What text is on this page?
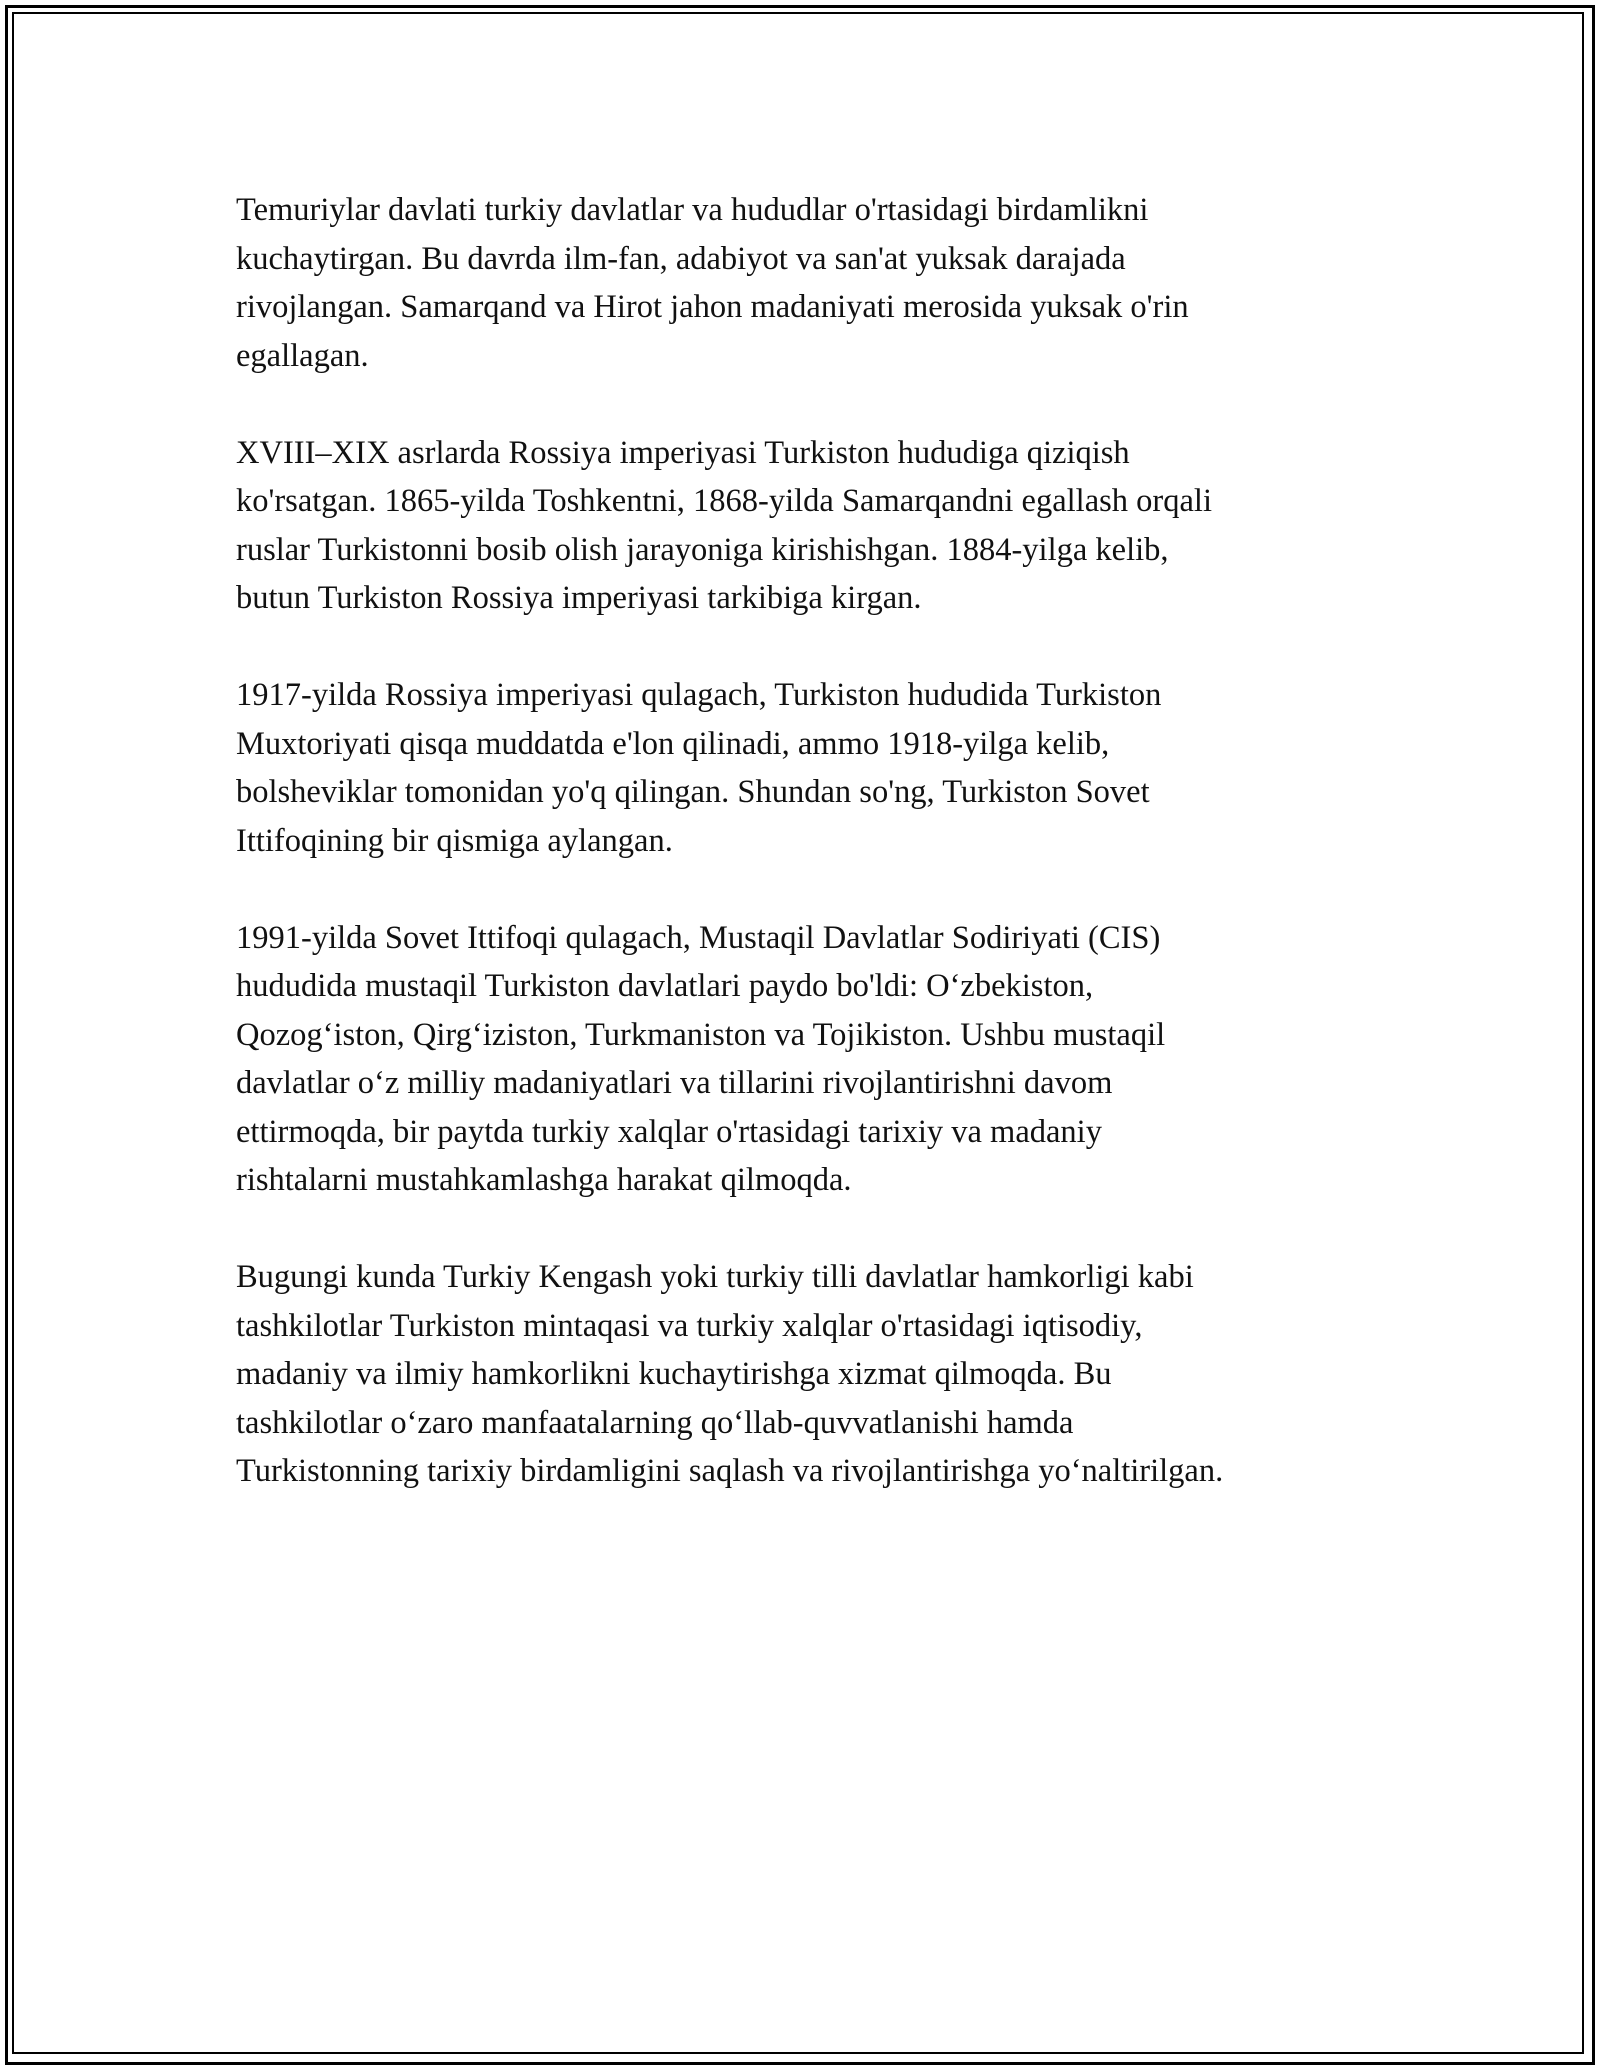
Temuriylar davlati turkiy davlatlar va hududlar o'rtasidagi birdamlikni
kuchaytirgan. Bu davrda ilm-fan, adabiyot va san'at yuksak darajada
rivojlangan. Samarqand va Hirot jahon madaniyati merosida yuksak o'rin
egallagan.

XVIII–XIX asrlarda Rossiya imperiyasi Turkiston hududiga qiziqish
ko'rsatgan. 1865-yilda Toshkentni, 1868-yilda Samarqandni egallash orqali
ruslar Turkistonni bosib olish jarayoniga kirishishgan. 1884-yilga kelib,
butun Turkiston Rossiya imperiyasi tarkibiga kirgan.

1917-yilda Rossiya imperiyasi qulagach, Turkiston hududida Turkiston
Muxtoriyati qisqa muddatda e'lon qilinadi, ammo 1918-yilga kelib,
bolsheviklar tomonidan yo'q qilingan. Shundan so'ng, Turkiston Sovet
Ittifoqining bir qismiga aylangan.

1991-yilda Sovet Ittifoqi qulagach, Mustaqil Davlatlar Sodiriyati (CIS)
hududida mustaqil Turkiston davlatlari paydo bo'ldi: O‘zbekiston,
Qozog‘iston, Qirg‘iziston, Turkmaniston va Tojikiston. Ushbu mustaqil
davlatlar o‘z milliy madaniyatlari va tillarini rivojlantirishni davom
ettirmoqda, bir paytda turkiy xalqlar o'rtasidagi tarixiy va madaniy
rishtalarni mustahkamlashga harakat qilmoqda.

Bugungi kunda Turkiy Kengash yoki turkiy tilli davlatlar hamkorligi kabi
tashkilotlar Turkiston mintaqasi va turkiy xalqlar o'rtasidagi iqtisodiy,
madaniy va ilmiy hamkorlikni kuchaytirishga xizmat qilmoqda. Bu
tashkilotlar o‘zaro manfaatalarning qo‘llab-quvvatlanishi hamda
Turkistonning tarixiy birdamligini saqlash va rivojlantirishga yo‘naltirilgan.
